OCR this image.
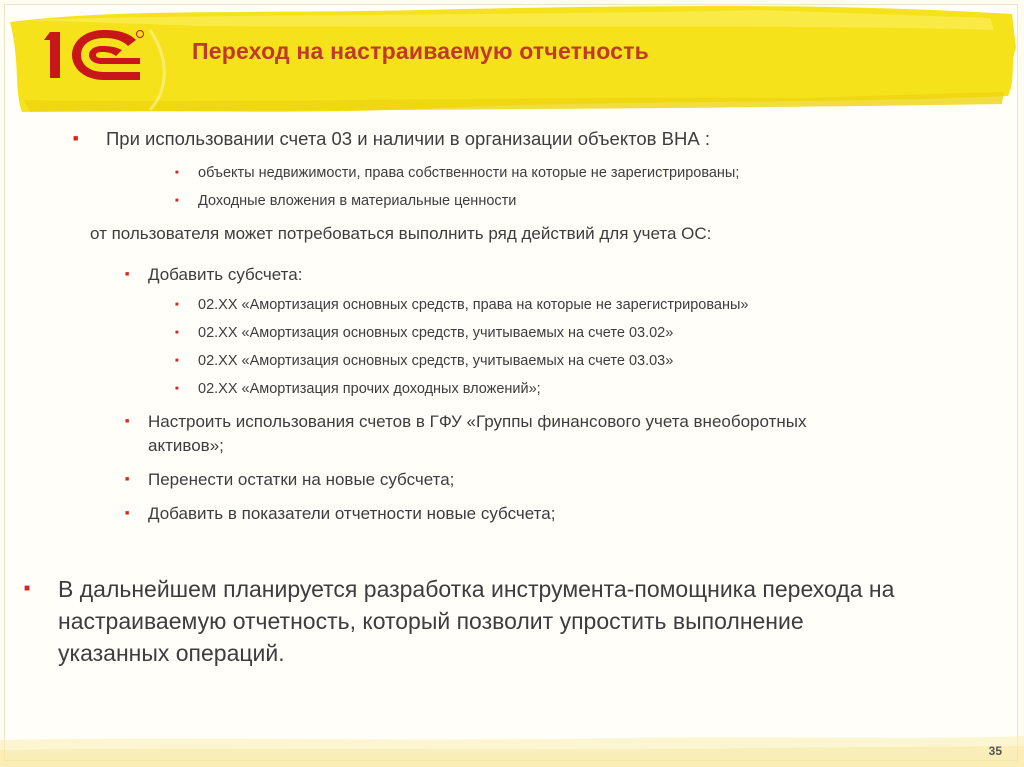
Переход на настраиваемую отчетность
■ При использовании счета 03 и наличии в организации объектов ВНА :
■ объекты недвижимости, права собственности на которые не зарегистрированы;
■ Доходные вложения в материальные ценности
от пользователя может потребоваться выполнить ряд действий для учета ОС:
■ Добавить субсчета:
■ 02.ХХ «Амортизация основных средств, права на которые не зарегистрированы»
■ 02.ХХ «Амортизация основных средств, учитываемых на счете 03.02»
■ 02.ХХ «Амортизация основных средств, учитываемых на счете 03.03»
■ 02.ХХ «Амортизация прочих доходных вложений»;
■ Настроить использования счетов в ГФУ «Группы финансового учета внеоборотных
активов»;
■ Перенести остатки на новые субсчета;
■ Добавить в показатели отчетности новые субсчета;
■ В дальнейшем планируется разработка инструмента-помощника перехода на
настраиваемую отчетность, который позволит упростить выполнение
указанных операций.
35
